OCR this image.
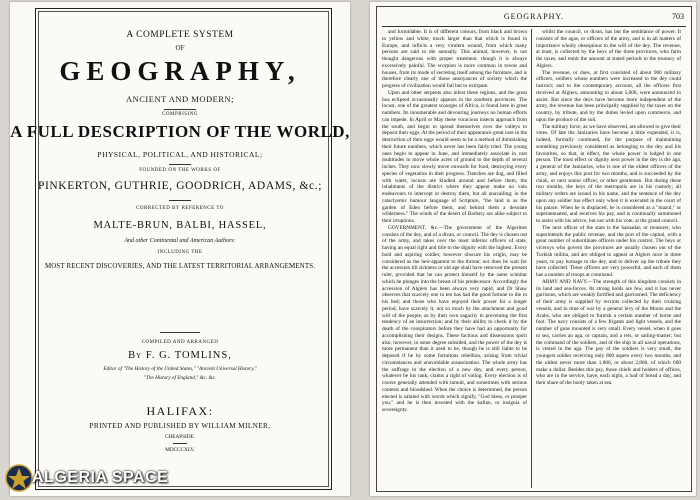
A COMPLETE SYSTEM
OF
GEOGRAPHY,
ANCIENT AND MODERN;
COMPRISING
A FULL DESCRIPTION OF THE WORLD,
PHYSICAL, POLITICAL, AND HISTORICAL;
FOUNDED ON THE WORKS OF
PINKERTON, GUTHRIE, GOODRICH, ADAMS, &c.;
CORRECTED BY REFERENCE TO
MALTE-BRUN, BALBI, HASSEL,
And other Continental and American Authors:
INCLUDING THE
MOST RECENT DISCOVERIES, AND THE LATEST TERRITORIAL ARRANGEMENTS.
COMPILED AND ARRANGED
BY F. G. TOMLINS,
Editor of "The History of the United States," "Ancient Universal History,"
"The History of England," &c. &c.
HALIFAX:
PRINTED AND PUBLISHED BY WILLIAM MILNER,
CHEAPSIDE.
MDCCCXLV.
GEOGRAPHY.	703

and formidable. It is of different colours, from black and brown to yellow and white, much larger than that which is found in Europe, and inflicts a very virulent wound, from which many persons are said to die annually. This animal, however, is not thought dangerous with proper treatment, though it is always excessively painful. The scorpion is more common in towns and houses, from its mode of secreting itself among the furniture, and is therefore clearly one of those annoyances of society which the progress of civilization would fail but to extirpate.

Upon and other serpents also infest these regions, and the great boa eclipsed occasionally appears in the southern provinces. The locust, one of the greatest scourges of Africa, is found here in great numbers. Its innumerable and devouring journeys no human efforts can impede. In April or May these voracious insects approach from the south, and begin to spread themselves over the valleys to deposit their eggs. At the period of their appearance great care in the destruction of their eggs would seem to be a method of diminishing their future numbers, which never has been fairly tried. The young ones begin to appear in June, and immediately associate in vast multitudes to move whole acres of ground to the depth of several inches. They now slowly move onwards for food, destroying every species of vegetation in their progress. Trenches are dug, and filled with water, locusts are kindled around and before them, the inhabitants of the district where they appear make no vain endeavours to intercept or destroy them, but all unavailing; in the cataclysmic humour language of Scripture, "the land is as the garden of Eden before them, and behind them a desolate wilderness." The winds of the desert of Barbary are alike subject to their irruptions.

GOVERNMENT, &c.—The government of the Algerines consists of the dey, and of a divan, or council. The dey is chosen out of the army, and takes over the most inferior officers of state, having an equal right and title to the dignity with the highest. Every bold and aspiring soldier, however obscure his origin, may be considered as the heir-apparent to the throne; nor does he wait for the accession till sickness or old age shall have removed the present ruler, provided that he can protect himself by the same scimitar which he plunges into the breast of his predecessor. Accordingly the accession of Algiers has been always very rapid, and Dr Shaw observes that scarcely one in ten has had the good fortune to die in his bed; and those who have enjoyed their power for a longer period, have scarcely it, not so much by the attachment and good will of the people, as by their own sagacity in preventing the first tendency of an insurrection; and by their ability to check it by the death of the conspirators before they have had an opportunity for accomplishing their designs. These factious and dissensions spirit also, however, in some degree subsided, and the power of the dey is more permanent than it used to be, though he is still liable to be deposed if he by some fortuitous rebellion, arising from trivial circumstances and unavoidable assassination. The whole army has the suffrage in the election of a new dey, and every person, whatever be his rank, claims a right of voting. Every election is of course generally attended with tumult, and sometimes with serious contests and bloodshed. When the choice is determined, the person elected is saluted with words which signify, "God bless, or prosper you," and he is then invested with the kaftan, or insignia of sovereignty.

whilst the council, or divan, has but the semblance of power. It consists of the agas, or officers of the army, and is in all matters of importance wholly obsequious to the will of the dey. The revenue, at least, is collected by the beys of the three provinces, who farm the taxes, and remit the amount at stated periods to the treasury of Algiers.

The revenue, or dues, at first consisted of about 900 military officers, soldiers whose numbers were increased to the dey could instruct; and to the contemporary account, all the officers first received at Algiers, amounting to about 5,000, were announced to assist. But since the deys have become more independent of the army, the revenue has been principally supplied by the taxes on the country, by tribute, and by the duties levied upon commerce, and upon the produce of the soil.

The military force, as we have observed, are allowed to give their votes. Of late the Janizaries have become a little expended, it is, indeed, formally continued, for the purpose of maintaining something previously considered as belonging to the dey and his favourites, so that, in effect, the whole power is lodged in one person. The most effect or dignity next power in the dey is the aga, a general of the Janizaries, who is one of the eldest officers of the army, and enjoys this post for two months, and is succeeded by the chiah, or next senior officer, or other gentlemen. But during these two months, the keys of the metropolis are in his custody; all military orders are issued in his name, and the sentence of the dey upon any soldier has effect only when it is executed in the court of his palace. When he is displaced, he is considered as a "mazul," or superannuated, and receives his pay, and is continually summoned to assist with his advice, but not with his vote, at the grand council.

The next officer of the state is the hasnadar, or treasurer, who superintends the public revenue, and the port of the capital, with a great number of subordinate officers under his control. The beys or viceroys who govern the provinces are usually chosen out of the Turkish militia, and are obliged to appear at Algiers once in three years, to pay homage to the dey, and to deliver up the tribute they have collected. These officers are very powerful, and each of them has a number of troops at command.

ARMY AND NAVY.—The strength of this kingdom consists in its land and sea-forces. Its strong holds are few, and it has never garrisons, which are weakly fortified and garrisoned. The deficiency of their army is supplied by recruits collected by their cruising vessels, and in time of war by a general levy of the Moors and the Arabs, who are obliged to furnish a certain number of horse and foot. The navy consists of a few frigates and light vessels, and the number of guns mounted is very small. Every vessel, when it goes to sea, carries an aga, or captain, and a reis, or sailing-master; but the command of the soldiers, and of the ship in all naval operations, is vested in the aga. The pay of the soldiers is very small, the youngest soldier receiving only 800 aspers every two months, and the oldest never more than 1,800, or about 2,800, of which 600 make a dollar. Besides this pay, those chiefs and holders of offices, who are in the service, have, each night, a loaf of bread a day, and their share of the booty taken at sea.

ALGERIA SPACE
